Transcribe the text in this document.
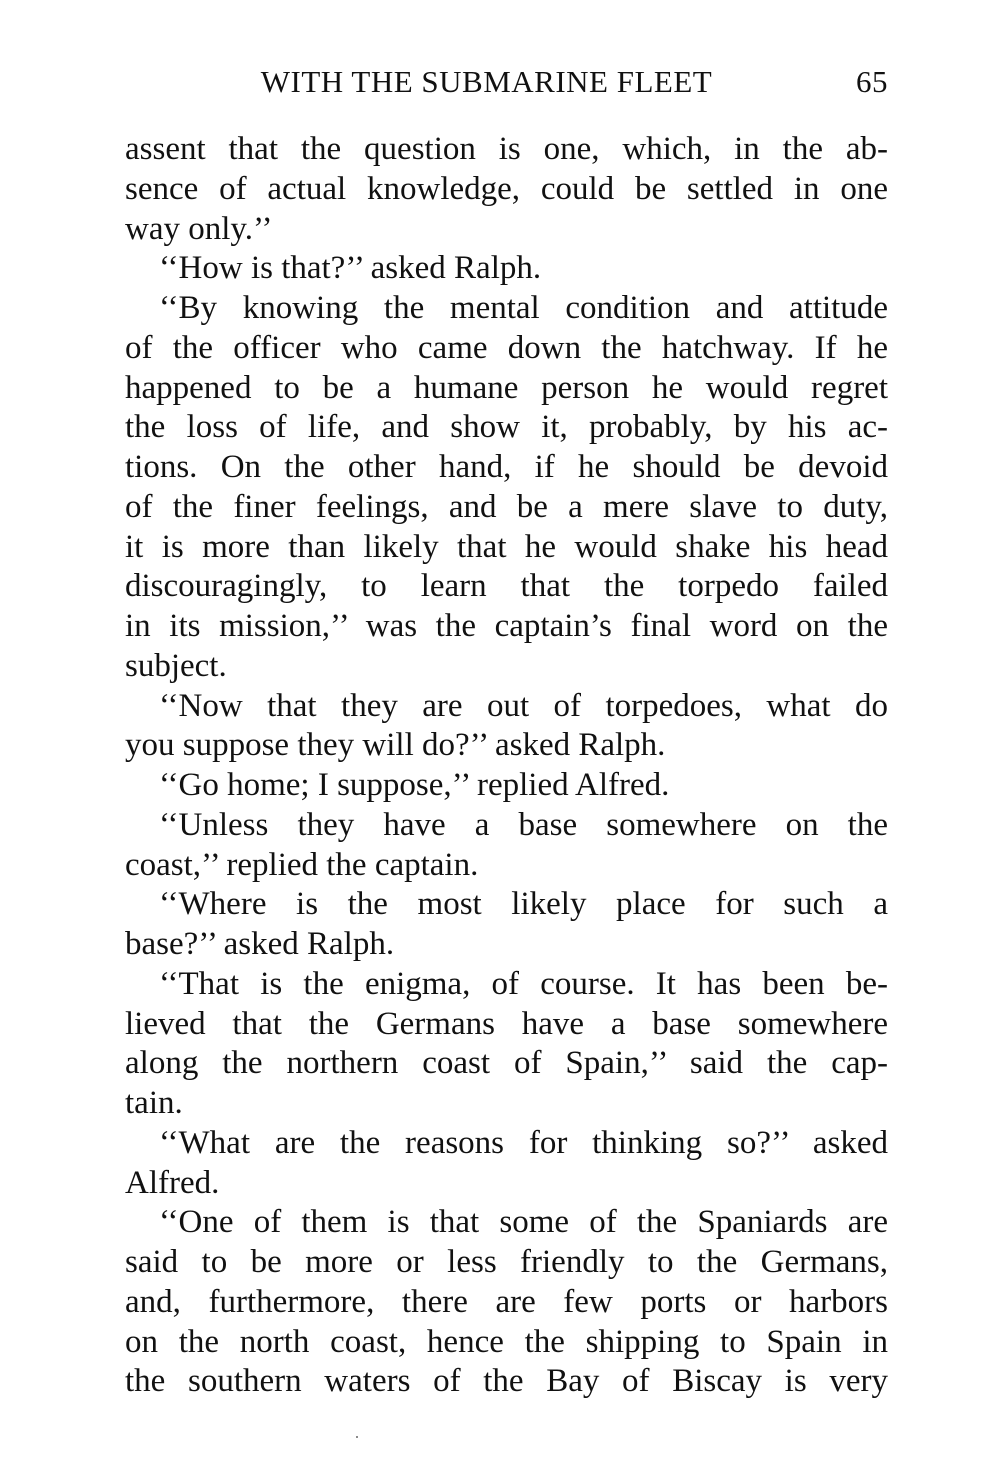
WITH THE SUBMARINE FLEET	65
assent that the question is one, which, in the ab-
sence of actual knowledge, could be settled in one
way only.’’
‘‘How is that?’’ asked Ralph.
‘‘By knowing the mental condition and attitude
of the officer who came down the hatchway. If he
happened to be a humane person he would regret
the loss of life, and show it, probably, by his ac-
tions. On the other hand, if he should be devoid
of the finer feelings, and be a mere slave to duty,
it is more than likely that he would shake his head
discouragingly, to learn that the torpedo failed
in its mission,’’ was the captain’s final word on the
subject.
‘‘Now that they are out of torpedoes, what do
you suppose they will do?’’ asked Ralph.
‘‘Go home; I suppose,’’ replied Alfred.
‘‘Unless they have a base somewhere on the
coast,’’ replied the captain.
‘‘Where is the most likely place for such a
base?’’ asked Ralph.
‘‘That is the enigma, of course. It has been be-
lieved that the Germans have a base somewhere
along the northern coast of Spain,’’ said the cap-
tain.
‘‘What are the reasons for thinking so?’’ asked
Alfred.
‘‘One of them is that some of the Spaniards are
said to be more or less friendly to the Germans,
and, furthermore, there are few ports or harbors
on the north coast, hence the shipping to Spain in
the southern waters of the Bay of Biscay is very
